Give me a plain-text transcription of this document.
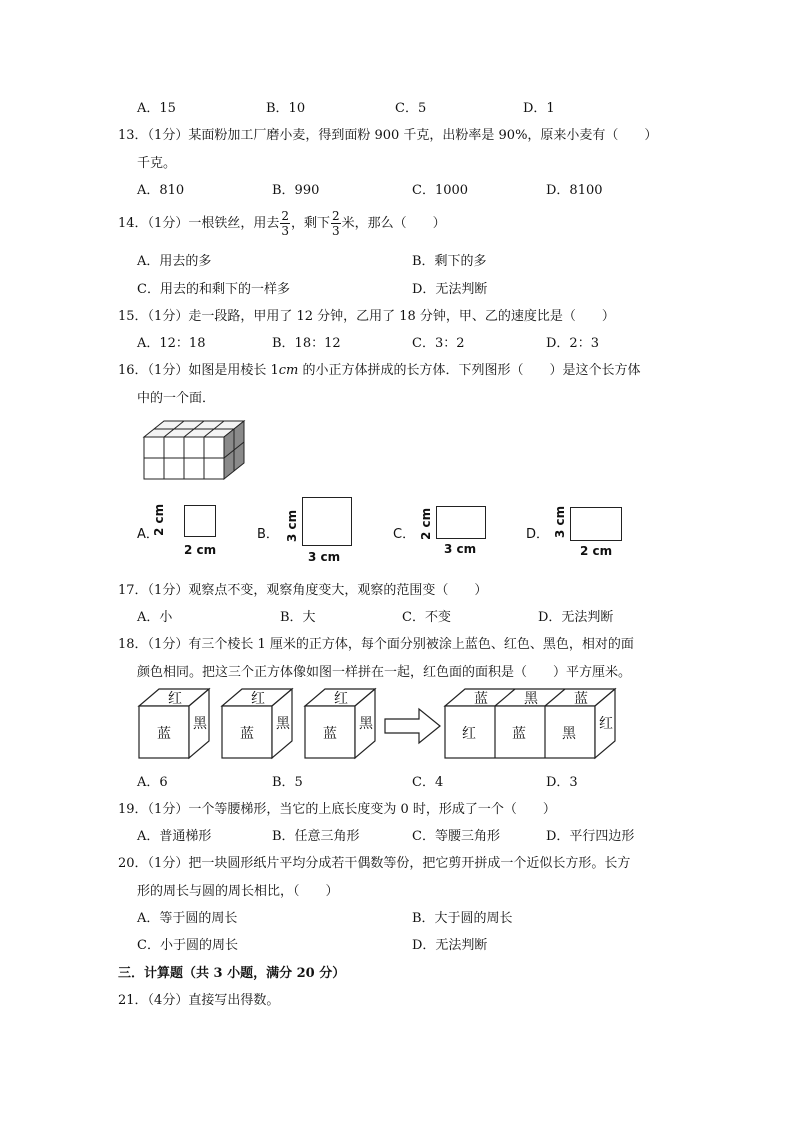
A．15	B．10	C．5	D．1
13．（1分）某面粉加工厂磨小麦，得到面粉 900 千克，出粉率是 90%，原来小麦有（　　）
千克。
A．810	B．990	C．1000	D．8100
14．（1分）一根铁丝，用去 $\frac{2}{3}$ ，剩下 $\frac{2}{3}$ 米，那么（　　）
A．用去的多	B．剩下的多
C．用去的和剩下的一样多	D．无法判断
15．（1分）走一段路，甲用了 12 分钟，乙用了 18 分钟，甲、乙的速度比是（　　）
A．12：18	B．18：12	C．3：2	D．2：3
16．（1分）如图是用棱长 1cm 的小正方体拼成的长方体．下列图形（　　）是这个长方体
中的一个面．
A．
2 cm
2 cm
B． 3 cm
3 cm
C． 2 cm
3 cm
D． 3 cm
2 cm
17．（1分）观察点不变，观察角度变大，观察的范围变（　　）
A．小	B．大	C．不变	D．无法判断
18．（1分）有三个棱长 1 厘米的正方体，每个面分别被涂上蓝色、红色、黑色，相对的面
颜色相同。把这三个正方体像如图一样拼在一起，红色面的面积是（　　）平方厘米。
红
蓝
黑
红
蓝
黑
红
蓝
黑
蓝	黑	蓝
红	蓝	黑
红
A．6	B．5	C．4	D．3
19．（1分）一个等腰梯形，当它的上底长度变为 0 时，形成了一个（　　）
A．普通梯形	B．任意三角形	C．等腰三角形	D．平行四边形
20．（1分）把一块圆形纸片平均分成若干偶数等份，把它剪开拼成一个近似长方形。长方
形的周长与圆的周长相比，（　　）
A．等于圆的周长	B．大于圆的周长
C．小于圆的周长	D．无法判断
三．计算题（共 3 小题，满分 20 分）
21．（4分）直接写出得数。
